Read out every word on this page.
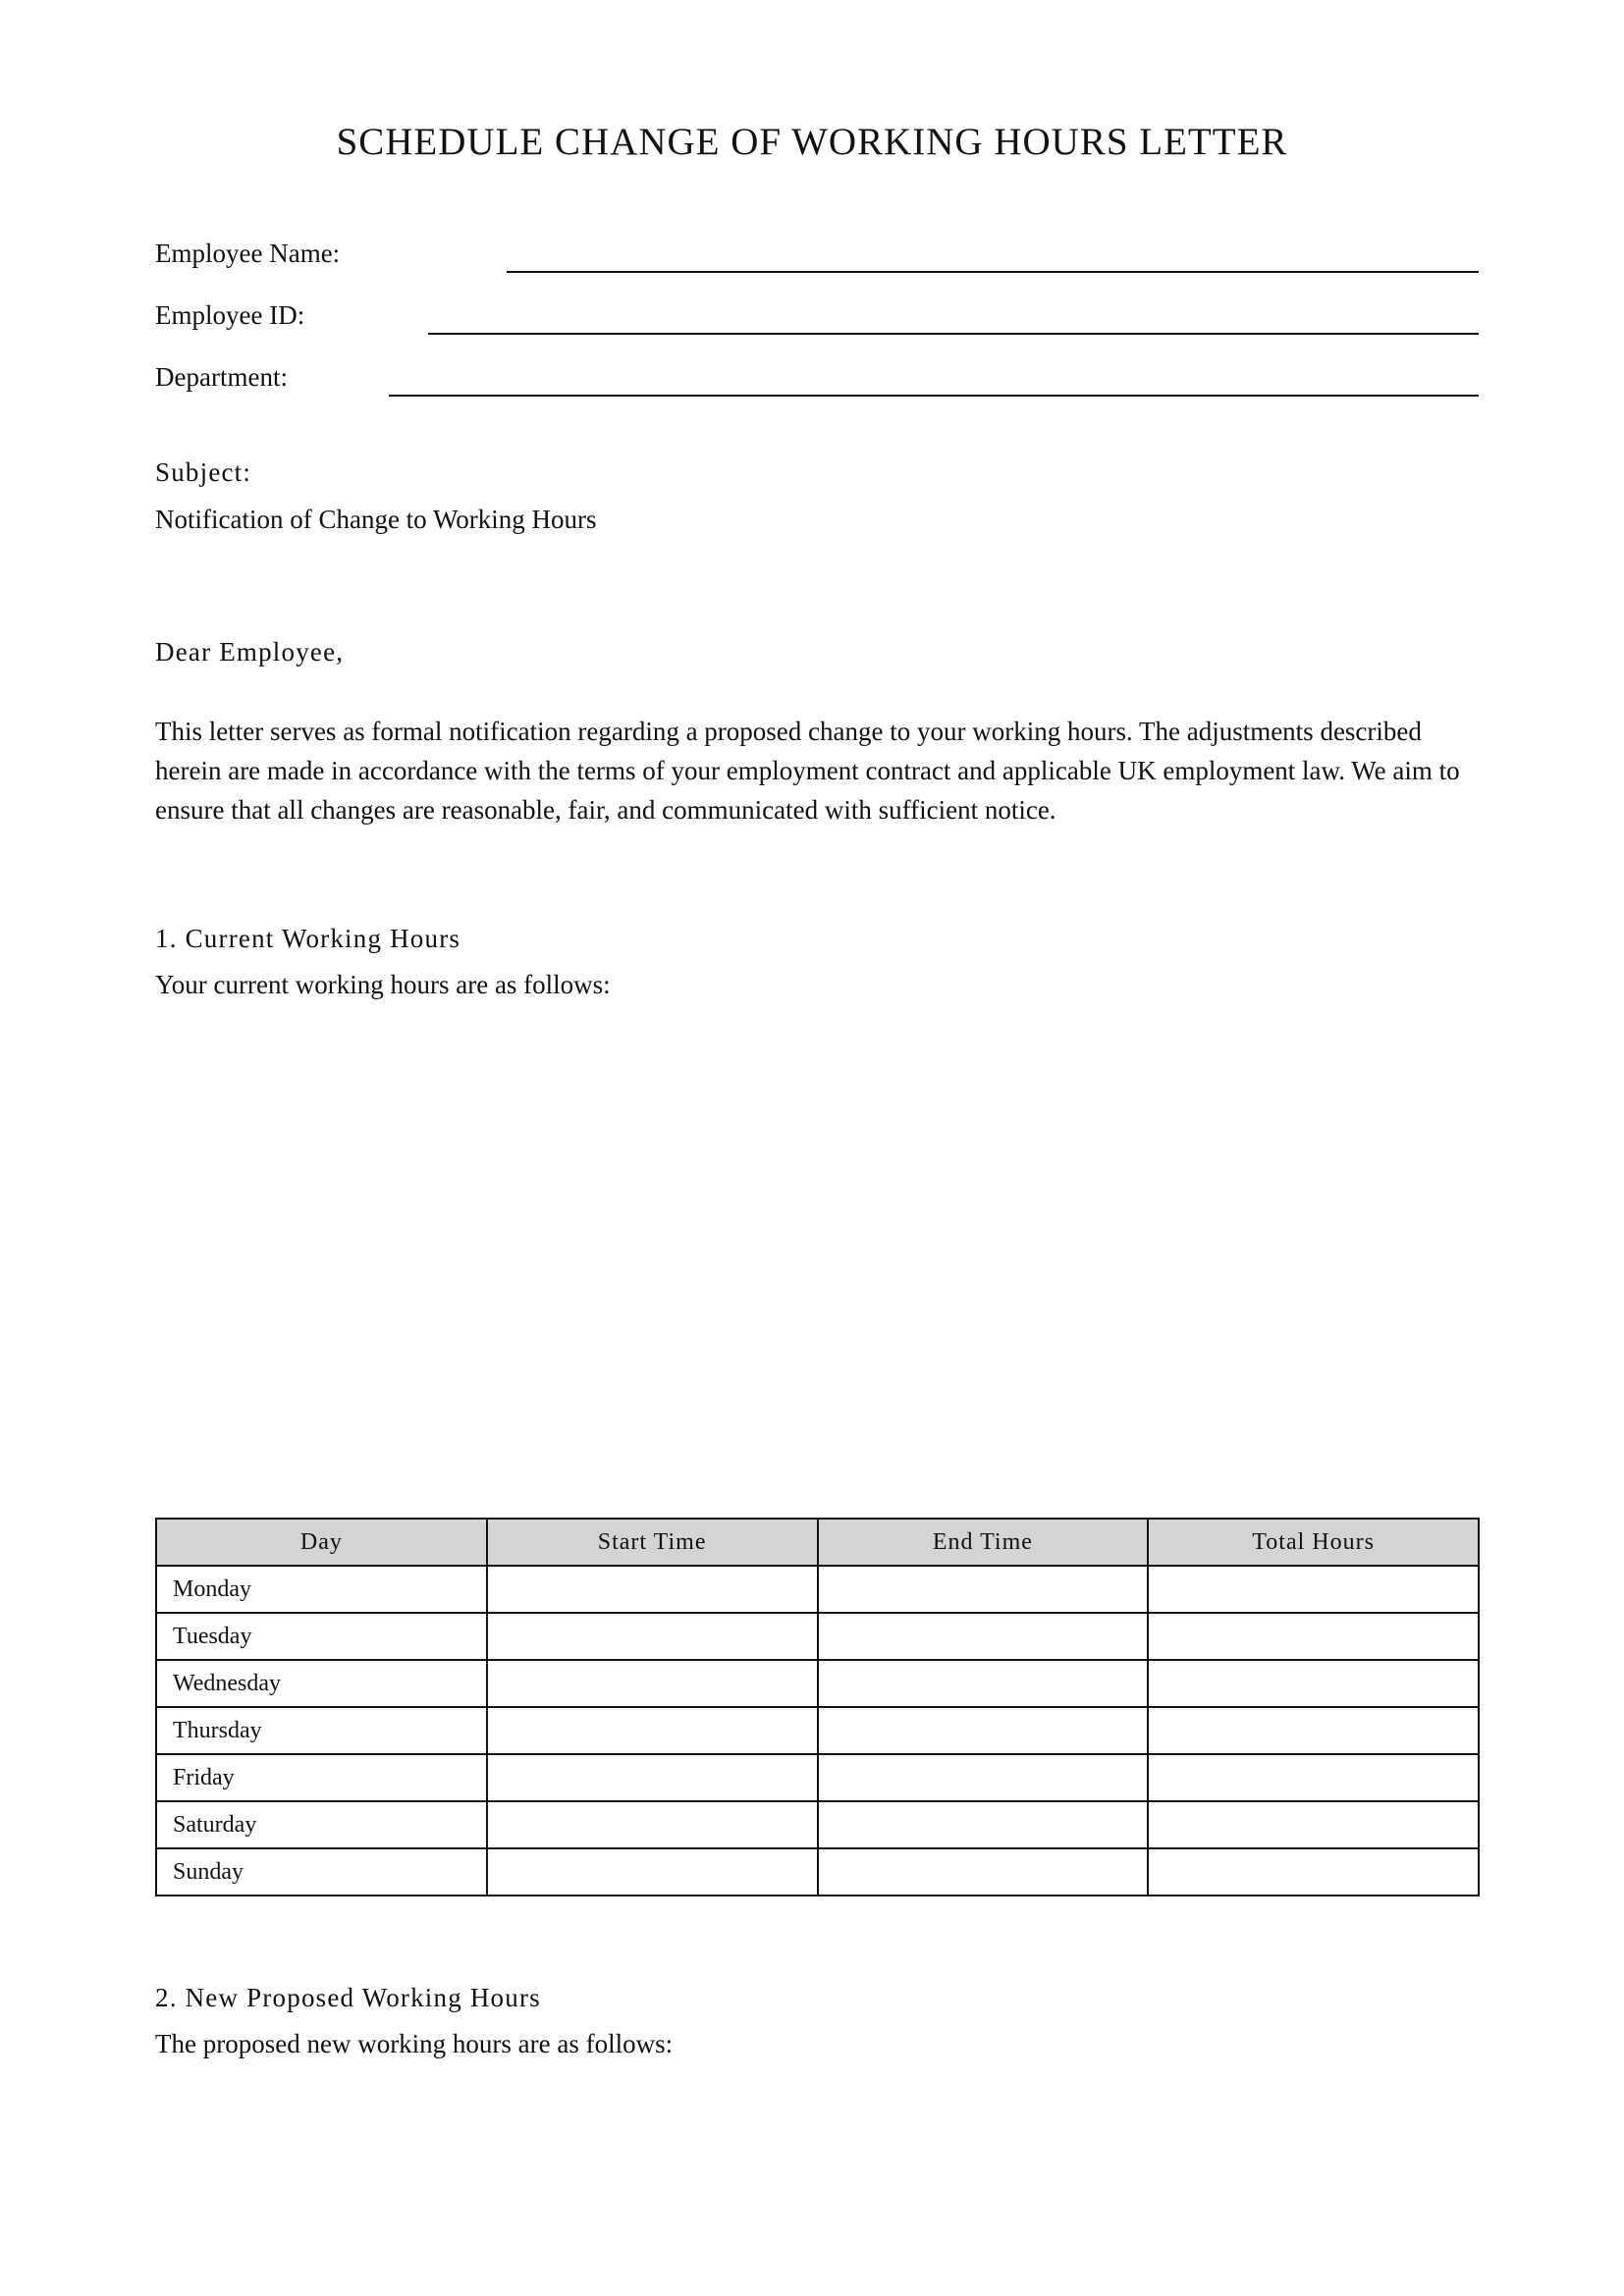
SCHEDULE CHANGE OF WORKING HOURS LETTER
Employee Name:
Employee ID:
Department:
Subject:
Notification of Change to Working Hours
Dear Employee,
This letter serves as formal notification regarding a proposed change to your working hours. The adjustments described herein are made in accordance with the terms of your employment contract and applicable UK employment law. We aim to ensure that all changes are reasonable, fair, and communicated with sufficient notice.
1. Current Working Hours
Your current working hours are as follows:
Day	Start Time	End Time	Total Hours
Monday			
Tuesday			
Wednesday			
Thursday			
Friday			
Saturday			
Sunday			
2. New Proposed Working Hours
The proposed new working hours are as follows:
